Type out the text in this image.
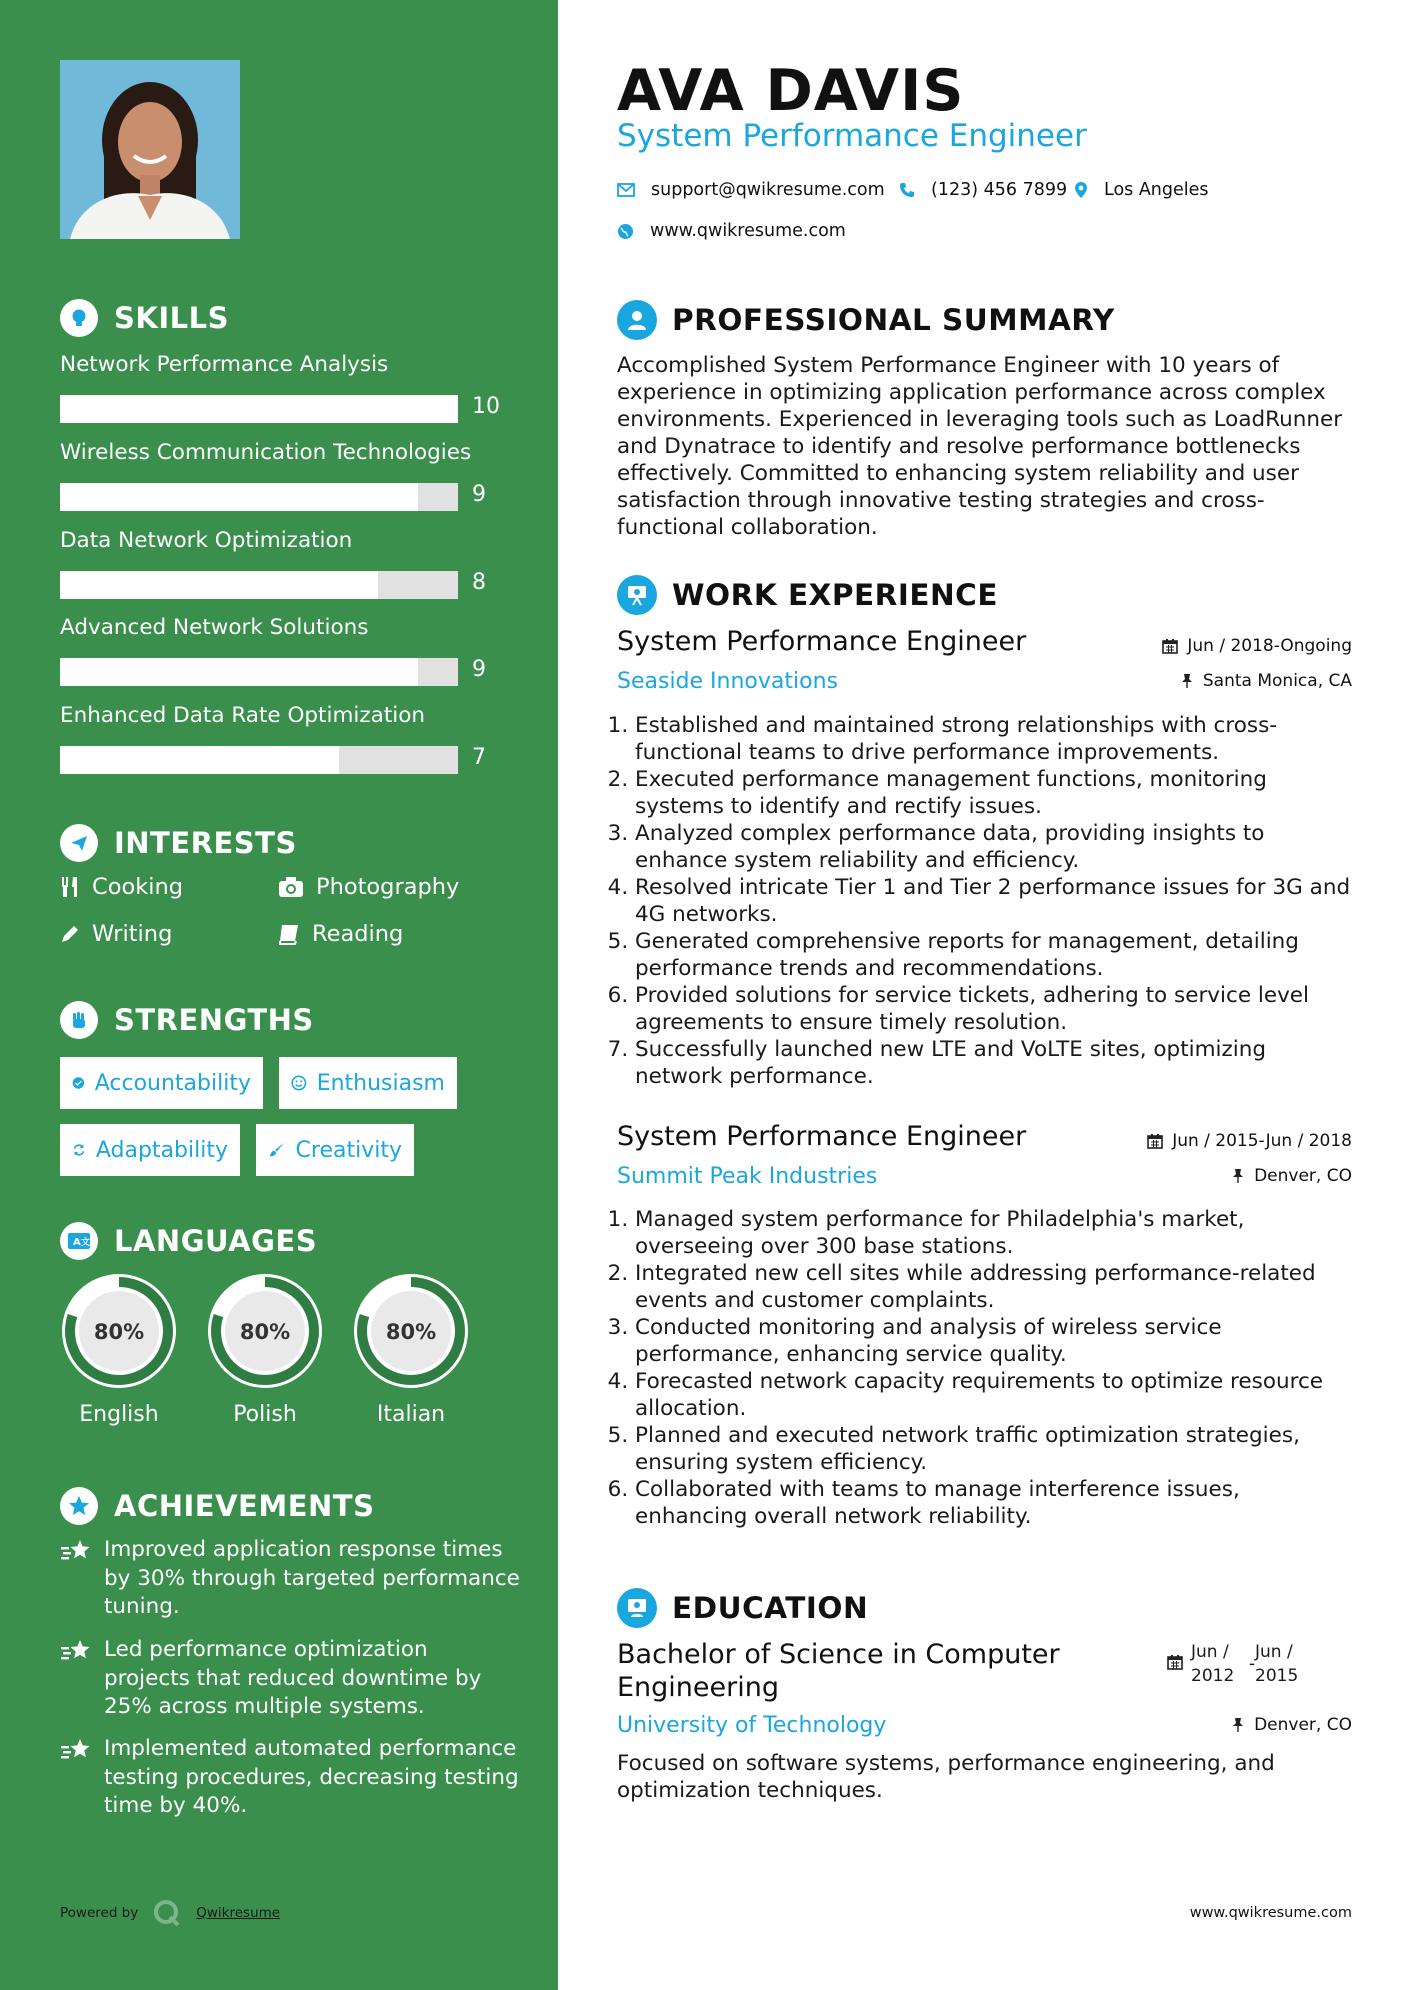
SKILLS
Network Performance Analysis
10
Wireless Communication Technologies
9
Data Network Optimization
8
Advanced Network Solutions
9
Enhanced Data Rate Optimization
7
INTERESTS
Cooking	Photography
Writing	Reading
STRENGTHS
Accountability	Enthusiasm
Adaptability	Creativity
A 文 LANGUAGES
80%
English
80%
Polish
80%
Italian
ACHIEVEMENTS
Improved application response times by 30% through targeted performance tuning.
Led performance optimization projects that reduced downtime by 25% across multiple systems.
Implemented automated performance testing procedures, decreasing testing time by 40%.
Powered by	Qwikresume
AVA DAVIS
System Performance Engineer
support@qwikresume.com	(123) 456 7899 Los Angeles
www.qwikresume.com
PROFESSIONAL SUMMARY
Accomplished System Performance Engineer with 10 years of experience in optimizing application performance across complex environments. Experienced in leveraging tools such as LoadRunner and Dynatrace to identify and resolve performance bottlenecks effectively. Committed to enhancing system reliability and user satisfaction through innovative testing strategies and cross-functional collaboration.
WORK EXPERIENCE
System Performance Engineer
Seaside Innovations
Jun / 2018-Ongoing
Santa Monica, CA
1. Established and maintained strong relationships with cross-functional teams to drive performance improvements.
2. Executed performance management functions, monitoring systems to identify and rectify issues.
3. Analyzed complex performance data, providing insights to enhance system reliability and efficiency.
4. Resolved intricate Tier 1 and Tier 2 performance issues for 3G and 4G networks.
5. Generated comprehensive reports for management, detailing performance trends and recommendations.
6. Provided solutions for service tickets, adhering to service level agreements to ensure timely resolution.
7. Successfully launched new LTE and VoLTE sites, optimizing network performance.
System Performance Engineer
Summit Peak Industries
Jun / 2015-Jun / 2018
Denver, CO
1. Managed system performance for Philadelphia's market, overseeing over 300 base stations.
2. Integrated new cell sites while addressing performance-related events and customer complaints.
3. Conducted monitoring and analysis of wireless service performance, enhancing service quality.
4. Forecasted network capacity requirements to optimize resource allocation.
5. Planned and executed network traffic optimization strategies, ensuring system efficiency.
6. Collaborated with teams to manage interference issues, enhancing overall network reliability.
EDUCATION
Bachelor of Science in Computer
Engineering
University of Technology
Jun /
2012
-
Jun /
2015
Denver, CO
Focused on software systems, performance engineering, and optimization techniques.
www.qwikresume.com
